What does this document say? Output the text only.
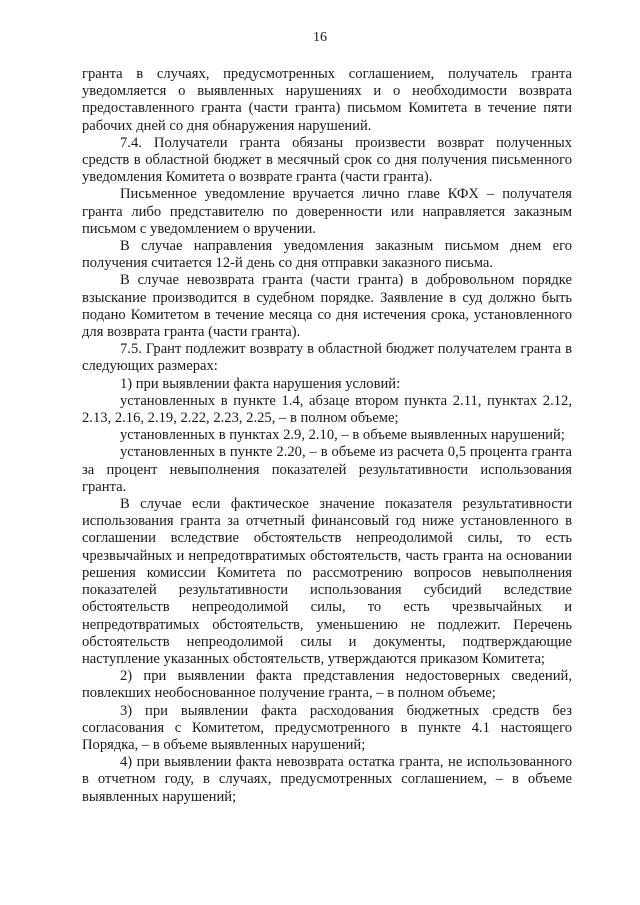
16

гранта в случаях, предусмотренных соглашением, получатель гранта уведомляется о выявленных нарушениях и о необходимости возврата предоставленного гранта (части гранта) письмом Комитета в течение пяти рабочих дней со дня обнаружения нарушений.

7.4. Получатели гранта обязаны произвести возврат полученных средств в областной бюджет в месячный срок со дня получения письменного уведомления Комитета о возврате гранта (части гранта).

Письменное уведомление вручается лично главе КФХ – получателя гранта либо представителю по доверенности или направляется заказным письмом с уведомлением о вручении.

В случае направления уведомления заказным письмом днем его получения считается 12-й день со дня отправки заказного письма.

В случае невозврата гранта (части гранта) в добровольном порядке взыскание производится в судебном порядке. Заявление в суд должно быть подано Комитетом в течение месяца со дня истечения срока, установленного для возврата гранта (части гранта).

7.5. Грант подлежит возврату в областной бюджет получателем гранта в следующих размерах:

1) при выявлении факта нарушения условий:

установленных в пункте 1.4, абзаце втором пункта 2.11, пунктах 2.12, 2.13, 2.16, 2.19, 2.22, 2.23, 2.25, – в полном объеме;

установленных в пунктах 2.9, 2.10, – в объеме выявленных нарушений;

установленных в пункте 2.20, – в объеме из расчета 0,5 процента гранта за процент невыполнения показателей результативности использования гранта.

В случае если фактическое значение показателя результативности использования гранта за отчетный финансовый год ниже установленного в соглашении вследствие обстоятельств непреодолимой силы, то есть чрезвычайных и непредотвратимых обстоятельств, часть гранта на основании решения комиссии Комитета по рассмотрению вопросов невыполнения показателей результативности использования субсидий вследствие обстоятельств непреодолимой силы, то есть чрезвычайных и непредотвратимых обстоятельств, уменьшению не подлежит. Перечень обстоятельств непреодолимой силы и документы, подтверждающие наступление указанных обстоятельств, утверждаются приказом Комитета;

2) при выявлении факта представления недостоверных сведений, повлекших необоснованное получение гранта, – в полном объеме;

3) при выявлении факта расходования бюджетных средств без согласования с Комитетом, предусмотренного в пункте 4.1 настоящего Порядка, – в объеме выявленных нарушений;

4) при выявлении факта невозврата остатка гранта, не использованного в отчетном году, в случаях, предусмотренных соглашением, – в объеме выявленных нарушений;
